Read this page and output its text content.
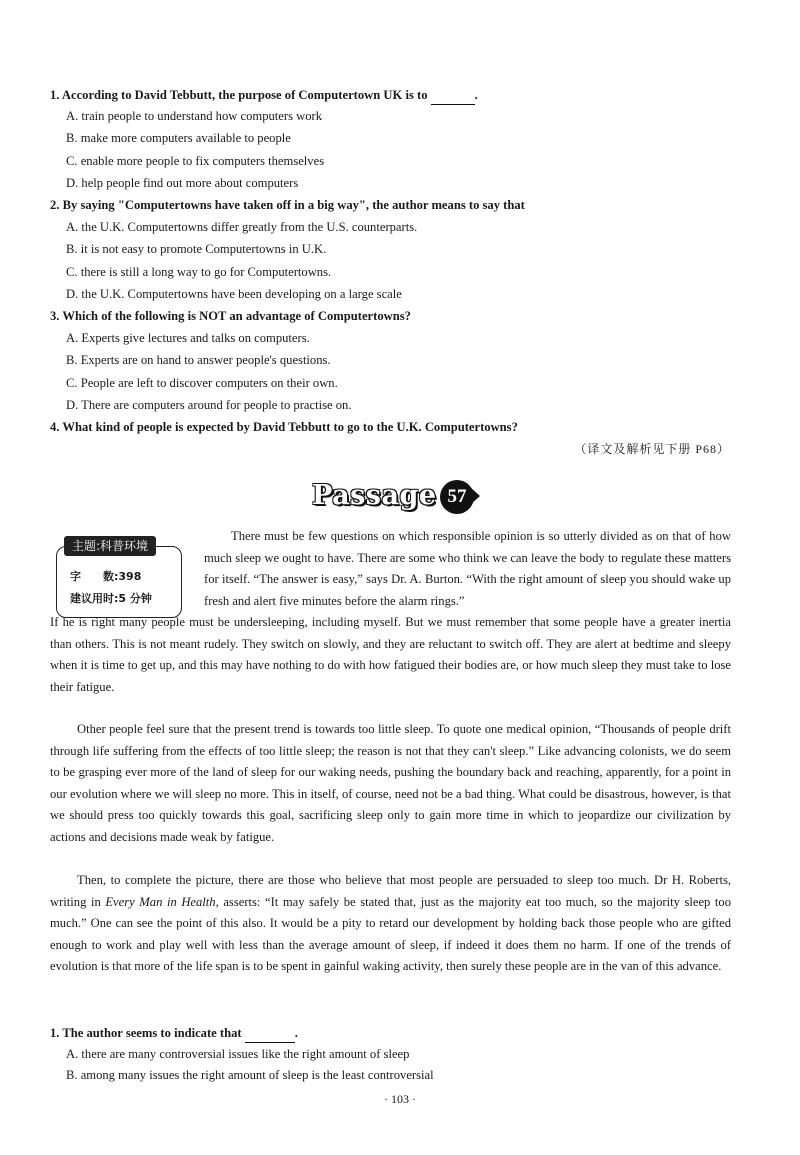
1. According to David Tebbutt, the purpose of Computertown UK is to	.
A. train people to understand how computers work
B. make more computers available to people
C. enable more people to fix computers themselves
D. help people find out more about computers
2. By saying "Computertowns have taken off in a big way", the author means to say that
A. the U.K. Computertowns differ greatly from the U.S. counterparts.
B. it is not easy to promote Computertowns in U.K.
C. there is still a long way to go for Computertowns.
D. the U.K. Computertowns have been developing on a large scale
3. Which of the following is NOT an advantage of Computertowns?
A. Experts give lectures and talks on computers.
B. Experts are on hand to answer people's questions.
C. People are left to discover computers on their own.
D. There are computers around for people to practise on.
4. What kind of people is expected by David Tebbutt to go to the U.K. Computertowns?
（译文及解析见下册 P68）
Passage 57
主题:科普环境
字　　数:398
建议用时:5 分钟

There must be few questions on which responsible opinion is so utterly divided as on that of how much sleep we ought to have. There are some who think we can leave the body to regulate these matters for itself. “The answer is easy,” says Dr. A. Burton. “With the right amount of sleep you should wake up fresh and alert five minutes before the alarm rings.”

If he is right many people must be undersleeping, including myself. But we must remember that some people have a greater inertia than others. This is not meant rudely. They switch on slowly, and they are reluctant to switch off. They are alert at bedtime and sleepy when it is time to get up, and this may have nothing to do with how fatigued their bodies are, or how much sleep they must take to lose their fatigue.

Other people feel sure that the present trend is towards too little sleep. To quote one medical opinion, “Thousands of people drift through life suffering from the effects of too little sleep; the reason is not that they can't sleep.” Like advancing colonists, we do seem to be grasping ever more of the land of sleep for our waking needs, pushing the boundary back and reaching, apparently, for a point in our evolution where we will sleep no more. This in itself, of course, need not be a bad thing. What could be disastrous, however, is that we should press too quickly towards this goal, sacrificing sleep only to gain more time in which to jeopardize our civilization by actions and decisions made weak by fatigue.

Then, to complete the picture, there are those who believe that most people are persuaded to sleep too much. Dr H. Roberts, writing in Every Man in Health, asserts: “It may safely be stated that, just as the majority eat too much, so the majority sleep too much.” One can see the point of this also. It would be a pity to retard our development by holding back those people who are gifted enough to work and play well with less than the average amount of sleep, if indeed it does them no harm. If one of the trends of evolution is that more of the life span is to be spent in gainful waking activity, then surely these people are in the van of this advance.

1. The author seems to indicate that	.
A. there are many controversial issues like the right amount of sleep
B. among many issues the right amount of sleep is the least controversial
· 103 ·
